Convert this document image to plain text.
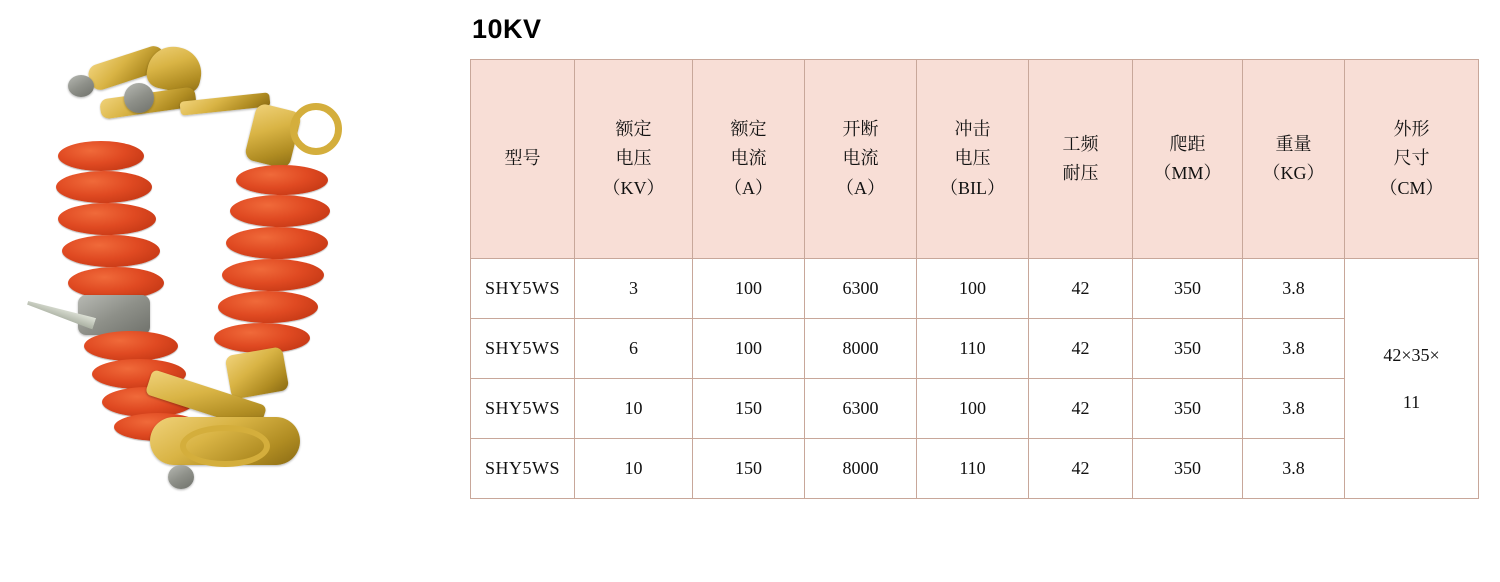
10KV
型号	额定
电压
（KV）	额定
电流
（A）	开断
电流
（A）	冲击
电压
（BIL）	工频
耐压	爬距
（MM）	重量
（KG）	外形
尺寸
（CM）

SHY5WS	3	100	6300	100	42	350	3.8	42×35×
11

SHY5WS	6	100	8000	110	42	350	3.8	
SHY5WS	10	150	6300	100	42	350	3.8	
SHY5WS	10	150	8000	110	42	350	3.8	
